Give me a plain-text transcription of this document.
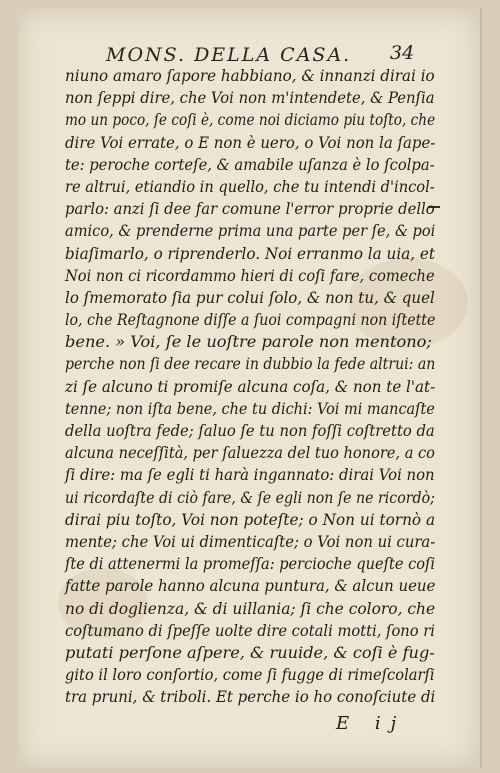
MONS. DELLA CASA. 34
niuno amaro ſapore habbiano, & innanzi dirai io
non ſeppi dire, che Voi non m'intendete, & Penſia
mo un poco, ſe coſi è, come noi diciamo piu toſto, che
dire Voi errate, o E non è uero, o Voi non la ſape-
te: peroche corteſe, & amabile uſanza è lo ſcolpa-
re altrui, etiandio in quello, che tu intendi d'incol-
parlo: anzi ſi dee far comune l'error proprie dello
amico, & prenderne prima una parte per ſe, & poi
biaſimarlo, o riprenderlo. Noi erranmo la uia, et
Noi non ci ricordammo hieri di coſi fare, comeche
lo ſmemorato ſia pur colui ſolo, & non tu, & quel
lo, che Reſtagnone diſſe a ſuoi compagni non iſtette
bene. » Voi, ſe le uoſtre parole non mentono;
perche non ſi dee recare in dubbio la fede altrui: an
zi ſe alcuno ti promiſe alcuna coſa, & non te l'at-
tenne; non iſta bene, che tu dichi: Voi mi mancaſte
della uoſtra fede; ſaluo ſe tu non foſſi coſtretto da
alcuna neceſſità, per ſaluezza del tuo honore, a co
ſi dire: ma ſe egli ti harà ingannato: dirai Voi non
ui ricordaſte di ciò fare, & ſe egli non ſe ne ricordò;
dirai piu toſto, Voi non poteſte; o Non ui tornò a
mente; che Voi ui dimenticaſte; o Voi non ui cura-
ſte di attenermi la promeſſa: percioche queſte coſi
fatte parole hanno alcuna puntura, & alcun ueue
no di doglienza, & di uillania; ſi che coloro, che
coſtumano di ſpeſſe uolte dire cotali motti, ſono ri
putati perſone aſpere, & ruuide, & coſi è fug-
gito il loro conſortio, come ſi fugge di rimeſcolarſi
tra pruni, & triboli. Et perche io ho conoſciute di
E ij
